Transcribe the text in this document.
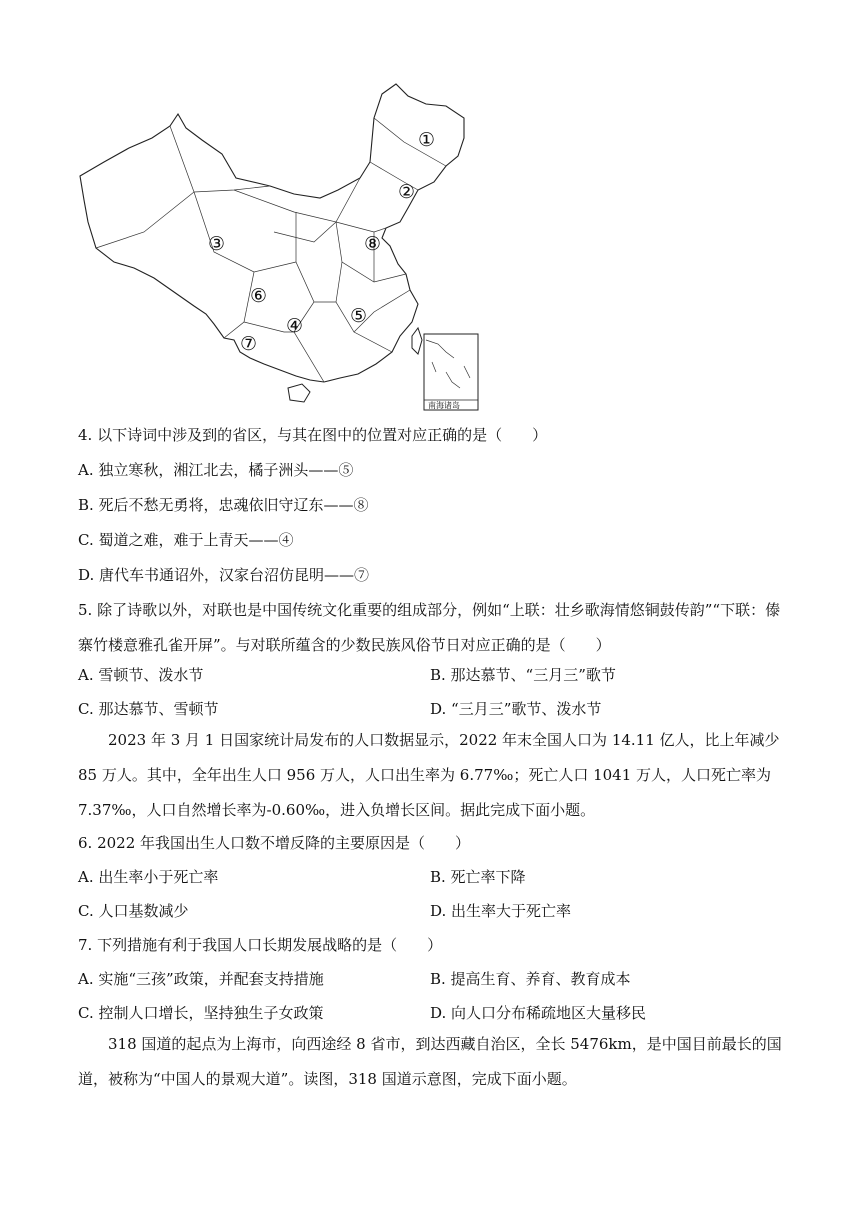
南海诸岛
①
②
③
④ ⑤
⑥
⑦
⑧
4. 以下诗词中涉及到的省区，与其在图中的位置对应正确的是（　　）
A. 独立寒秋，湘江北去，橘子洲头——⑤
B. 死后不愁无勇将，忠魂依旧守辽东——⑧
C. 蜀道之难，难于上青天——④
D. 唐代车书通诏外，汉家台沼仿昆明——⑦
5. 除了诗歌以外，对联也是中国传统文化重要的组成部分，例如“上联：壮乡歌海情悠铜鼓传韵”“下联：傣寨竹楼意雅孔雀开屏”。与对联所蕴含的少数民族风俗节日对应正确的是（　　）
A. 雪顿节、泼水节	B. 那达慕节、“三月三”歌节
C. 那达慕节、雪顿节	D. “三月三”歌节、泼水节
2023 年 3 月 1 日国家统计局发布的人口数据显示，2022 年末全国人口为 14.11 亿人，比上年减少 85 万人。其中，全年出生人口 956 万人，人口出生率为 6.77‰；死亡人口 1041 万人，人口死亡率为 7.37‰，人口自然增长率为-0.60‰，进入负增长区间。据此完成下面小题。
6. 2022 年我国出生人口数不增反降的主要原因是（　　）
A. 出生率小于死亡率	B. 死亡率下降
C. 人口基数减少	D. 出生率大于死亡率
7. 下列措施有利于我国人口长期发展战略的是（　　）
A. 实施“三孩”政策，并配套支持措施	B. 提高生育、养育、教育成本
C. 控制人口增长，坚持独生子女政策	D. 向人口分布稀疏地区大量移民
318 国道的起点为上海市，向西途经 8 省市，到达西藏自治区，全长 5476km，是中国目前最长的国道，被称为“中国人的景观大道”。读图，318 国道示意图，完成下面小题。
